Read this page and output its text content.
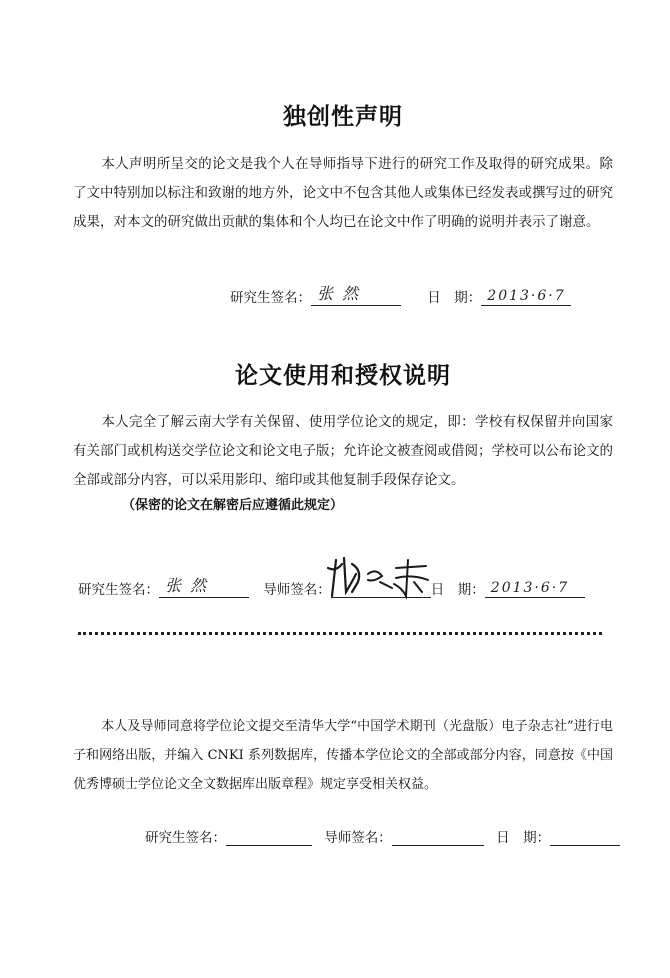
独创性声明

本人声明所呈交的论文是我个人在导师指导下进行的研究工作及取得的研究成果。除了文中特别加以标注和致谢的地方外，论文中不包含其他人或集体已经发表或撰写过的研究成果，对本文的研究做出贡献的集体和个人均已在论文中作了明确的说明并表示了谢意。

研究生签名： 张 然	日　期： 2013·6·7
论文使用和授权说明

本人完全了解云南大学有关保留、使用学位论文的规定，即：学校有权保留并向国家有关部门或机构送交学位论文和论文电子版；允许论文被查阅或借阅；学校可以公布论文的全部或部分内容，可以采用影印、缩印或其他复制手段保存论文。

（保密的论文在解密后应遵循此规定）

研究生签名： 张 然	导师签名：	日　期： 2013·6·7

本人及导师同意将学位论文提交至清华大学“中国学术期刊（光盘版）电子杂志社”进行电子和网络出版，并编入 CNKI 系列数据库，传播本学位论文的全部或部分内容，同意按《中国优秀博硕士学位论文全文数据库出版章程》规定享受相关权益。

研究生签名：	导师签名：	日　期：
